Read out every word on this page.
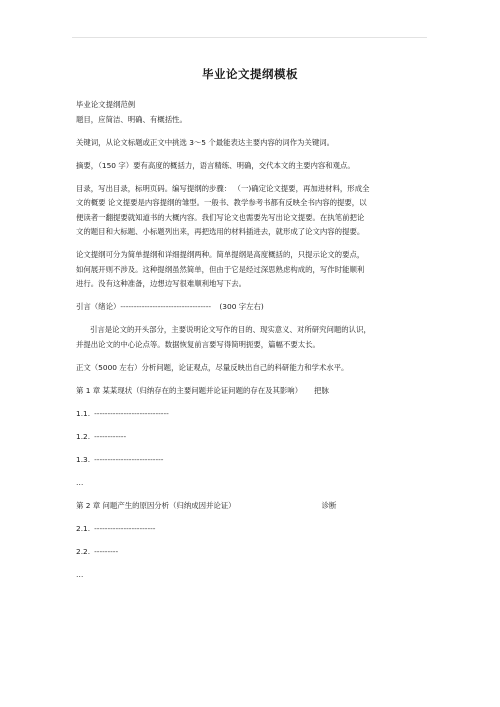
毕业论文提纲模板

毕业论文提纲范例

题目，应简洁、明确、有概括性。

关键词，从论文标题或正文中挑选 3～5 个最能表达主要内容的词作为关键词。

摘要，（150 字）要有高度的概括力，语言精练、明确，交代本文的主要内容和观点。

目录，写出目录，标明页码。编写提纲的步骤： （一)确定论文提要，再加进材料，形成全

文的概要 论文提要是内容提纲的雏型。一般书、教学参考书都有反映全书内容的提要，以

便读者一翻提要就知道书的大概内容。我们写论文也需要先写出论文提要。在执笔前把论

文的题目和大标题、小标题列出来，再把选用的材料插进去，就形成了论文内容的提要。

论文提纲可分为简单提纲和详细提纲两种。简单提纲是高度概括的，只提示论文的要点，

如何展开则不涉及。这种提纲虽然简单，但由于它是经过深思熟虑构成的，写作时能顺利

进行。没有这种准备，边想边写很难顺利地写下去。

引言（绪论）---------------------------------- (300 字左右)

引言是论文的开头部分，主要说明论文写作的目的、现实意义、对所研究问题的认识，

并提出论文的中心论点等。数据恢复前言要写得简明扼要，篇幅不要太长。

正文（5000 左右）分析问题，论证观点，尽量反映出自己的科研能力和学术水平。

第 1 章 某某现状（归纳存在的主要问题并论证问题的存在及其影响） 把脉

1.1. ----------------------------

1.2. ------------

1.3. --------------------------

…

第 2 章 问题产生的原因分析（归纳成因并论证）	诊断

2.1. -----------------------

2.2. ---------

…
